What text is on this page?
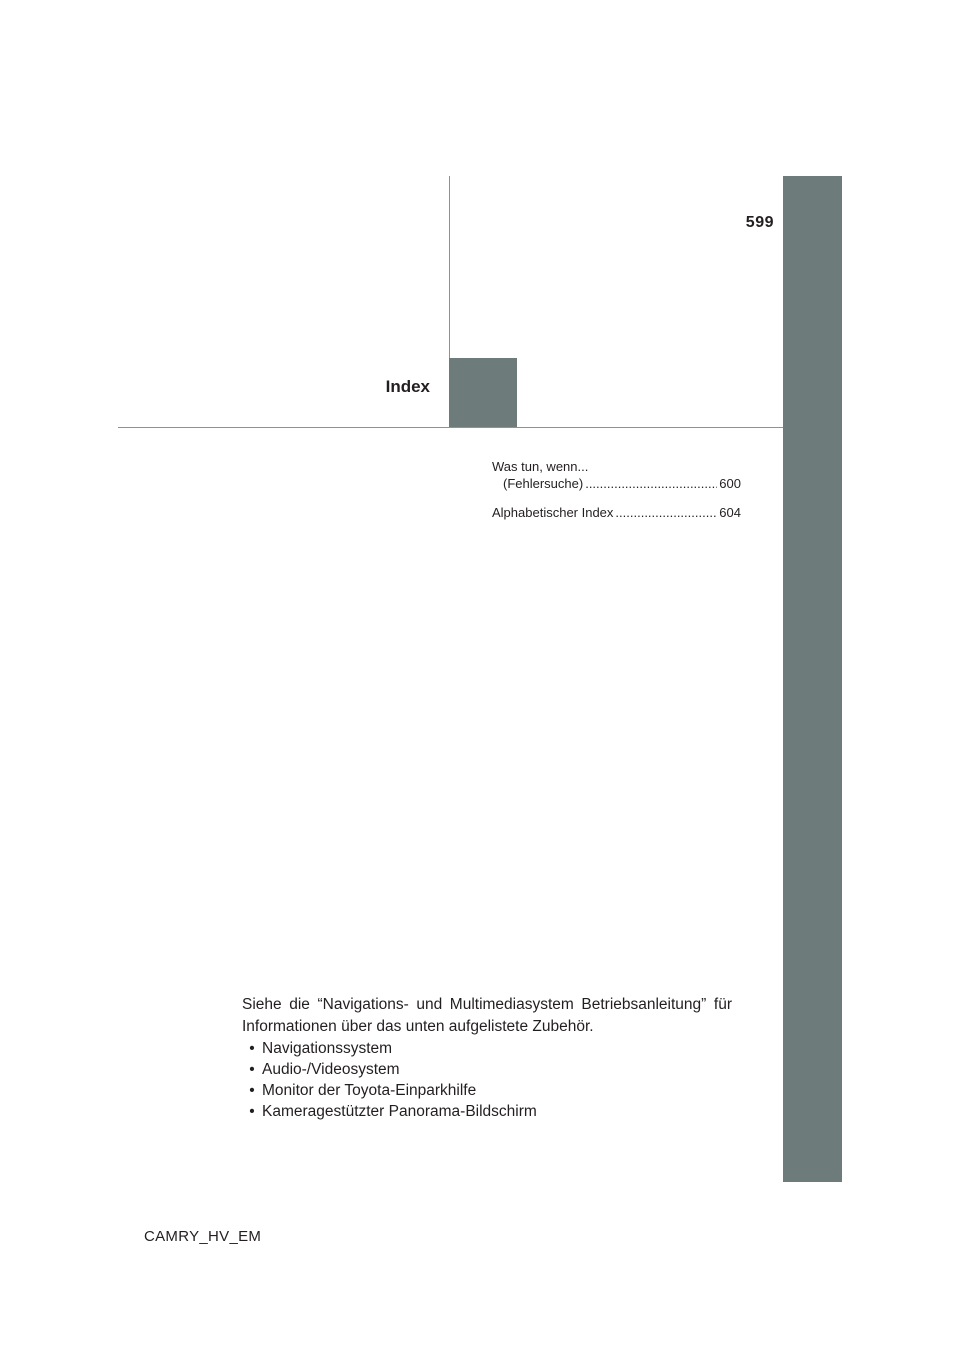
599
Index
Was tun, wenn...
(Fehlersuche) .....	600
Alphabetischer Index .....	604

Siehe die “Navigations- und Multimediasystem Betriebsanleitung” für Informationen über das unten aufgelistete Zubehör.

• Navigationssystem
• Audio-/Videosystem
• Monitor der Toyota-Einparkhilfe
• Kameragestützter Panorama-Bildschirm
CAMRY_HV_EM
